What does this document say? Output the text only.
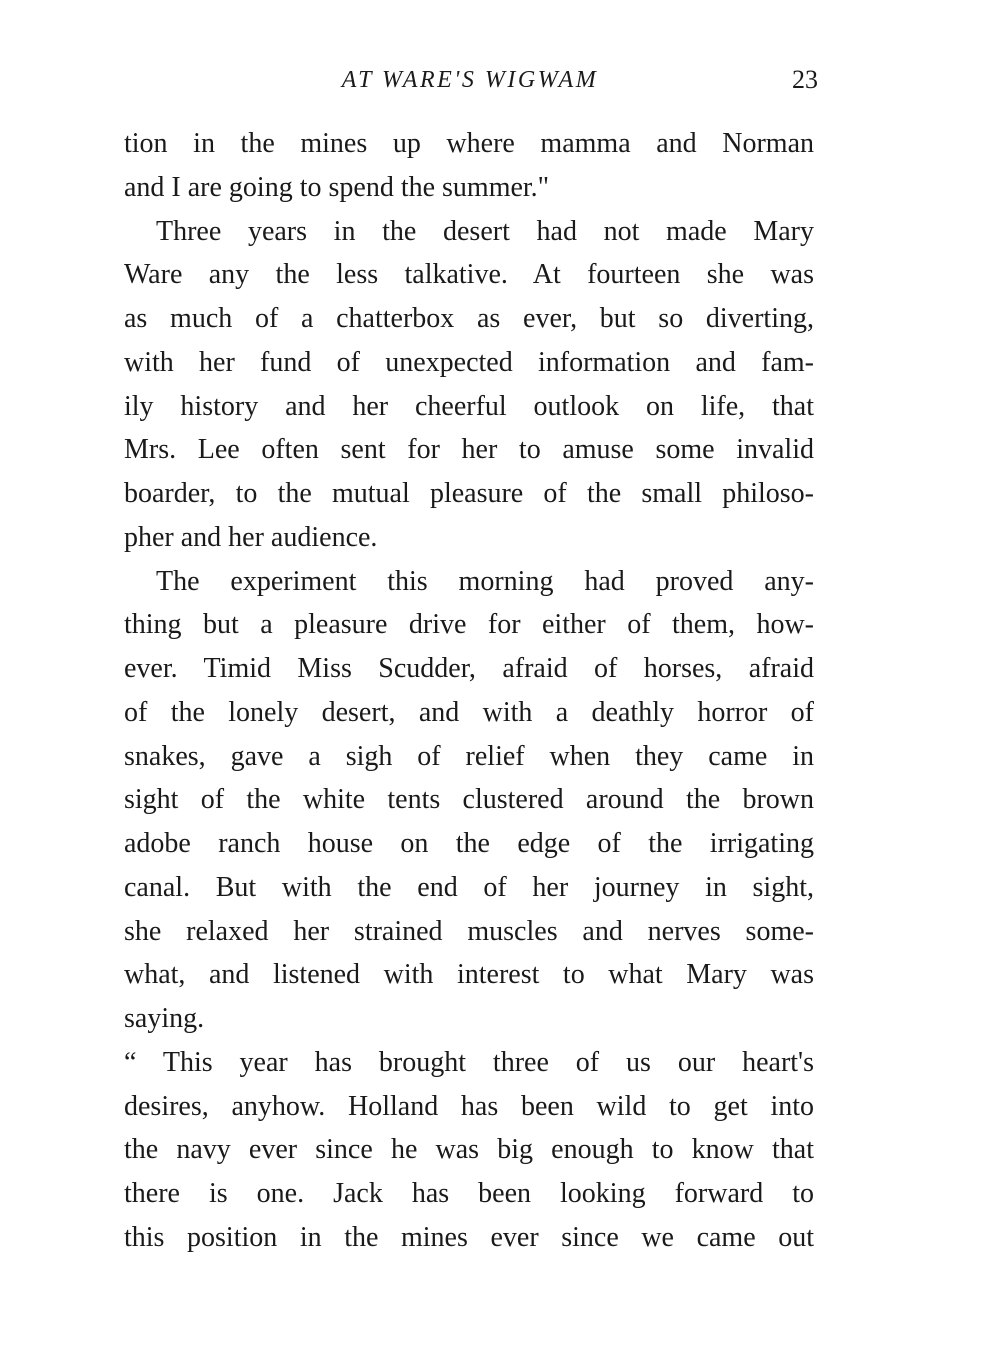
AT WARE'S WIGWAM	23
tion in the mines up where mamma and Norman
and I are going to spend the summer."
Three years in the desert had not made Mary
Ware any the less talkative. At fourteen she was
as much of a chatterbox as ever, but so diverting,
with her fund of unexpected information and fam-
ily history and her cheerful outlook on life, that
Mrs. Lee often sent for her to amuse some invalid
boarder, to the mutual pleasure of the small philoso-
pher and her audience.
The experiment this morning had proved any-
thing but a pleasure drive for either of them, how-
ever. Timid Miss Scudder, afraid of horses, afraid
of the lonely desert, and with a deathly horror of
snakes, gave a sigh of relief when they came in
sight of the white tents clustered around the brown
adobe ranch house on the edge of the irrigating
canal. But with the end of her journey in sight,
she relaxed her strained muscles and nerves some-
what, and listened with interest to what Mary was
saying.
“ This year has brought three of us our heart's
desires, anyhow. Holland has been wild to get into
the navy ever since he was big enough to know that
there is one. Jack has been looking forward to
this position in the mines ever since we came out
